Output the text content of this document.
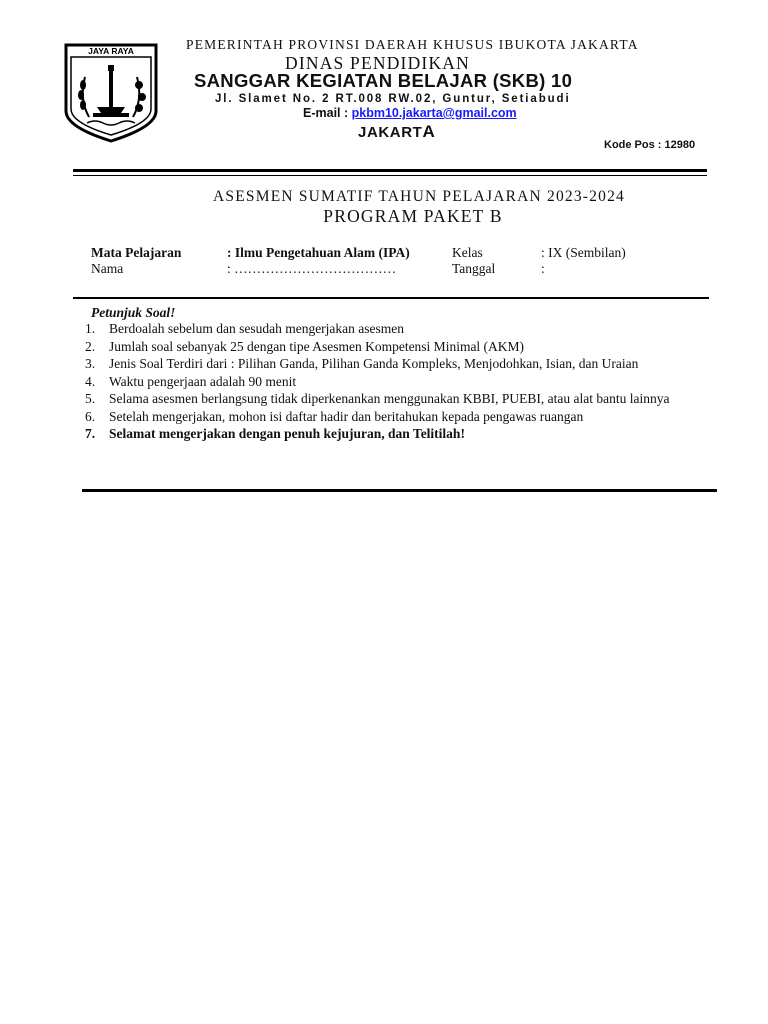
JAYA RAYA	PEMERINTAH PROVINSI DAERAH KHUSUS IBUKOTA JAKARTA
DINAS PENDIDIKAN
SANGGAR KEGIATAN BELAJAR (SKB) 10
Jl. Slamet No. 2 RT.008 RW.02, Guntur, Setiabudi
E-mail : pkbm10.jakarta@gmail.com
JAKARTA
Kode Pos : 12980
ASESMEN SUMATIF TAHUN PELAJARAN 2023-2024
PROGRAM PAKET B
Mata Pelajaran	: Ilmu Pengetahuan Alam (IPA)	Kelas	: IX (Sembilan)
Nama	: ………………………………	Tanggal	:
Petunjuk Soal!
1. Berdoalah sebelum dan sesudah mengerjakan asesmen
2. Jumlah soal sebanyak 25 dengan tipe Asesmen Kompetensi Minimal (AKM)
3. Jenis Soal Terdiri dari : Pilihan Ganda, Pilihan Ganda Kompleks, Menjodohkan, Isian, dan Uraian
4. Waktu pengerjaan adalah 90 menit
5. Selama asesmen berlangsung tidak diperkenankan menggunakan KBBI, PUEBI, atau alat bantu lainnya
6. Setelah mengerjakan, mohon isi daftar hadir dan beritahukan kepada pengawas ruangan
7. Selamat mengerjakan dengan penuh kejujuran, dan Telitilah!
